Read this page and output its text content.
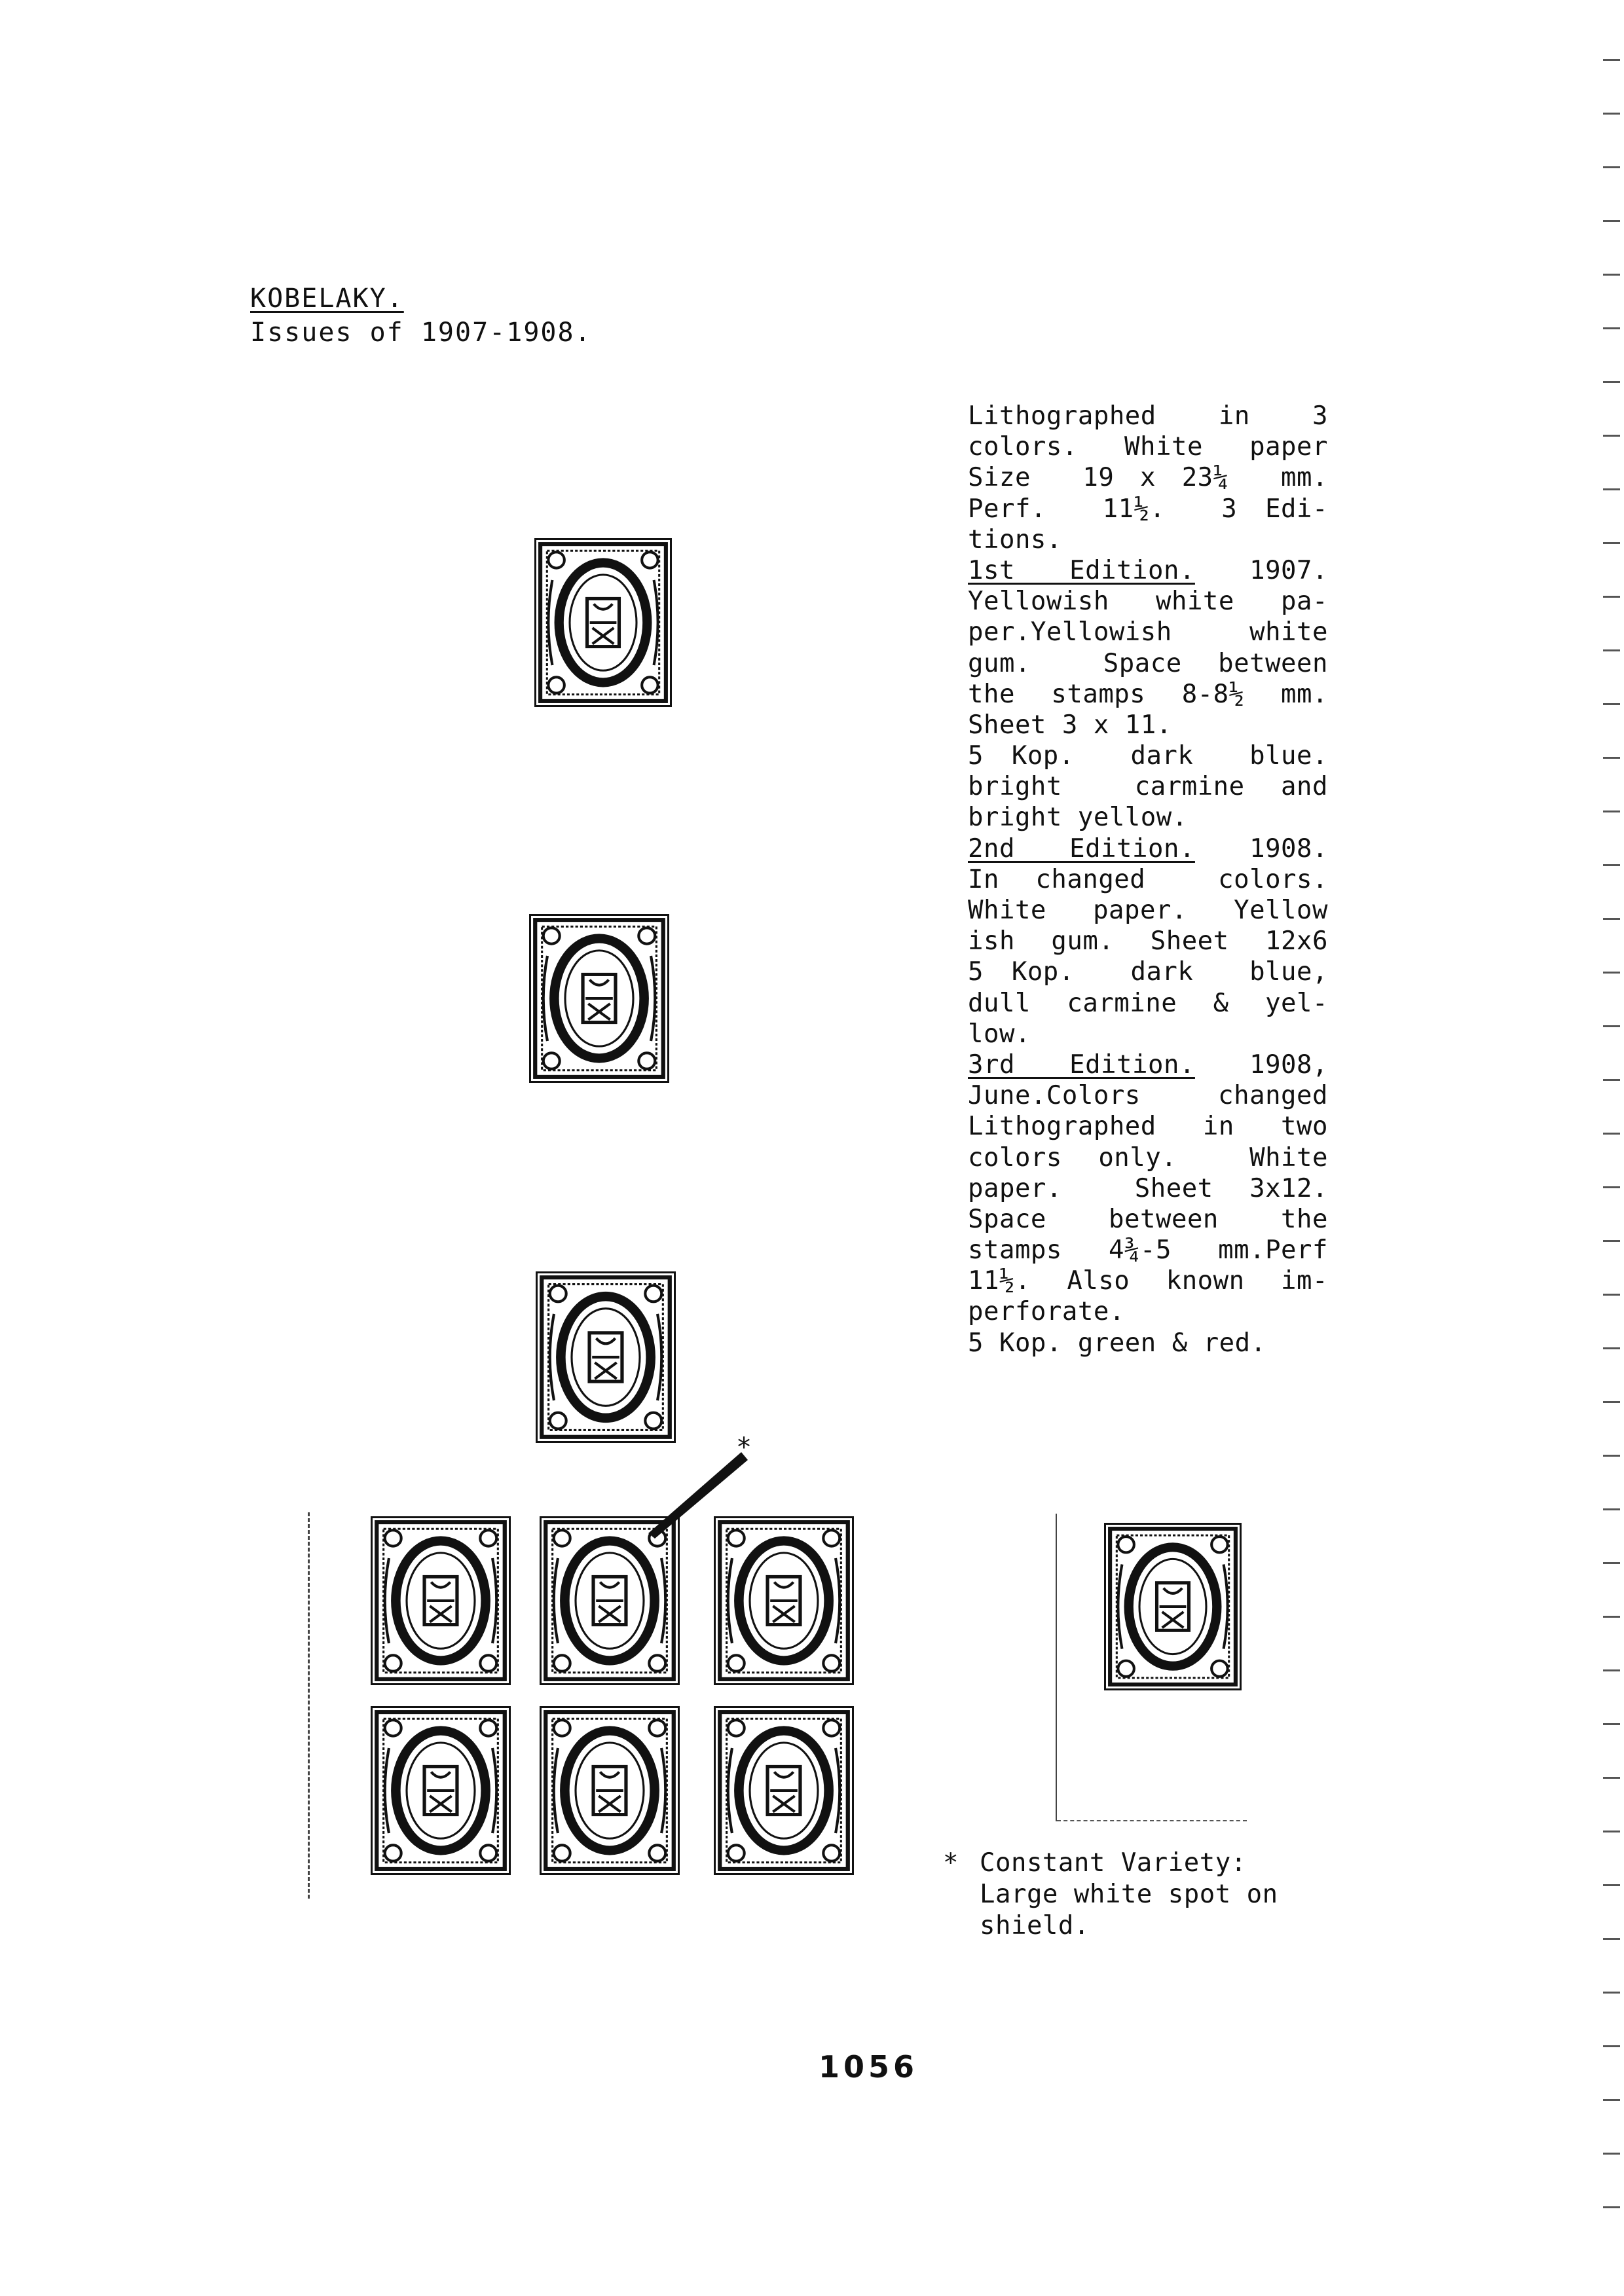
KOBELAKY.
Issues of 1907-1908.
Lithographed  in  3
colors. White paper
Size  19 x 23¼  mm.
Perf.  11½.  3 Edi-
tions.
1st Edition. 1907.
Yellowish white pa-
per.Yellowish white
gum.  Space between
the stamps 8-8½ mm.
Sheet 3 x 11.
5 Kop.  dark  blue.
bright  carmine and
bright yellow.
2nd Edition. 1908.
In changed  colors.
White paper. Yellow
ish gum. Sheet 12x6
5 Kop.  dark  blue,
dull carmine & yel-
low.
3rd Edition. 1908,
June.Colors changed
Lithographed in two
colors only.  White
paper.  Sheet 3x12.
Space  between  the
stamps 4¾-5 mm.Perf
11½. Also known im-
perforate.
5 Kop. green & red.
*
* Constant Variety:
Large white spot on
shield.
1056
